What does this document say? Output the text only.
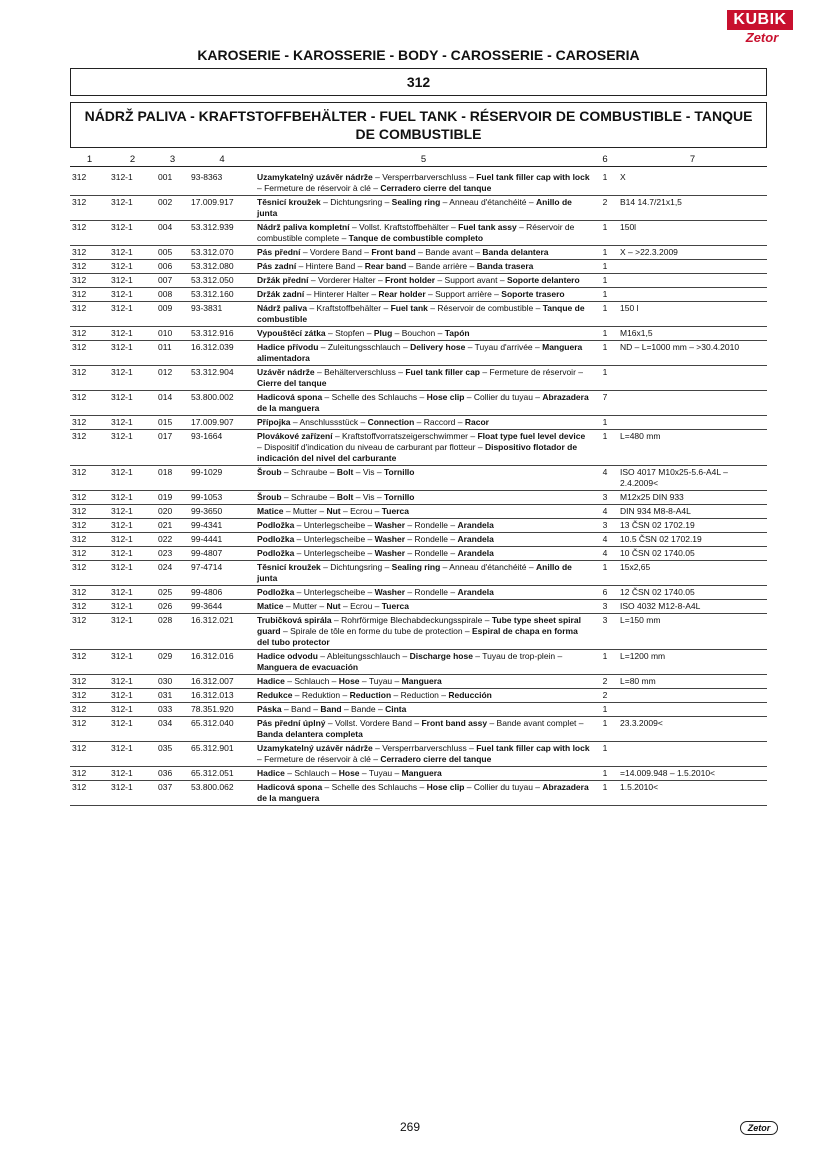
KUBIK
Zetor
KAROSERIE - KAROSSERIE - BODY - CAROSSERIE - CAROSERIA
312
NÁDRŽ PALIVA - KRAFTSTOFFBEHÄLTER - FUEL TANK - RÉSERVOIR DE COMBUSTIBLE - TANQUE DE COMBUSTIBLE
1	2	3	4	5	6	7
312	312-1	001	93-8363	Uzamykatelný uzávěr nádrže – Versperrbarverschluss – Fuel tank filler cap with lock – Fermeture de réservoir à clé – Cerradero cierre del tanque	1	X
312	312-1	002	17.009.917	Těsnicí kroužek – Dichtungsring – Sealing ring – Anneau d'étanchéité – Anillo de junta	2	B14 14.7/21x1,5
312	312-1	004	53.312.939	Nádrž paliva kompletní – Vollst. Kraftstoffbehälter – Fuel tank assy – Réservoir de combustible complete – Tanque de combustible completo	1	150l
312	312-1	005	53.312.070	Pás přední – Vordere Band – Front band – Bande avant – Banda delantera	1	X – >22.3.2009
312	312-1	006	53.312.080	Pás zadní – Hintere Band – Rear band – Bande arrière – Banda trasera	1	
312	312-1	007	53.312.050	Držák přední – Vorderer Halter – Front holder – Support avant – Soporte delantero	1	
312	312-1	008	53.312.160	Držák zadní – Hinterer Halter – Rear holder – Support arrière – Soporte trasero	1	
312	312-1	009	93-3831	Nádrž paliva – Kraftstoffbehälter – Fuel tank – Réservoir de combustible – Tanque de combustible	1	150 l
312	312-1	010	53.312.916	Vypouštěcí zátka – Stopfen – Plug – Bouchon – Tapón	1	M16x1,5
312	312-1	011	16.312.039	Hadice přívodu – Zuleitungsschlauch – Delivery hose – Tuyau d'arrivée – Manguera alimentadora	1	ND – L=1000 mm – >30.4.2010
312	312-1	012	53.312.904	Uzávěr nádrže – Behälterverschluss – Fuel tank filler cap – Fermeture de réservoir – Cierre del tanque	1	
312	312-1	014	53.800.002	Hadicová spona – Schelle des Schlauchs – Hose clip – Collier du tuyau – Abrazadera de la manguera	7	
312	312-1	015	17.009.907	Přípojka – Anschlussstück – Connection – Raccord – Racor	1	
312	312-1	017	93-1664	Plovákové zařízení – Kraftstoffvorratszeigerschwimmer – Float type fuel level device – Dispositif d'indication du niveau de carburant par flotteur – Dispositivo flotador de indicación del nivel del carburante	1	L=480 mm
312	312-1	018	99-1029	Šroub – Schraube – Bolt – Vis – Tornillo	4	ISO 4017 M10x25-5.6-A4L – 2.4.2009<
312	312-1	019	99-1053	Šroub – Schraube – Bolt – Vis – Tornillo	3	M12x25 DIN 933
312	312-1	020	99-3650	Matice – Mutter – Nut – Ecrou – Tuerca	4	DIN 934 M8-8-A4L
312	312-1	021	99-4341	Podložka – Unterlegscheibe – Washer – Rondelle – Arandela	3	13 ČSN 02 1702.19
312	312-1	022	99-4441	Podložka – Unterlegscheibe – Washer – Rondelle – Arandela	4	10.5 ČSN 02 1702.19
312	312-1	023	99-4807	Podložka – Unterlegscheibe – Washer – Rondelle – Arandela	4	10 ČSN 02 1740.05
312	312-1	024	97-4714	Těsnicí kroužek – Dichtungsring – Sealing ring – Anneau d'étanchéité – Anillo de junta	1	15x2,65
312	312-1	025	99-4806	Podložka – Unterlegscheibe – Washer – Rondelle – Arandela	6	12 ČSN 02 1740.05
312	312-1	026	99-3644	Matice – Mutter – Nut – Ecrou – Tuerca	3	ISO 4032 M12-8-A4L
312	312-1	028	16.312.021	Trubičková spirála – Rohrförmige Blechabdeckungsspirale – Tube type sheet spiral guard – Spirale de tôle en forme du tube de protection – Espiral de chapa en forma del tubo protector	3	L=150 mm
312	312-1	029	16.312.016	Hadice odvodu – Ableitungsschlauch – Discharge hose – Tuyau de trop-plein – Manguera de evacuación	1	L=1200 mm
312	312-1	030	16.312.007	Hadice – Schlauch – Hose – Tuyau – Manguera	2	L=80 mm
312	312-1	031	16.312.013	Redukce – Reduktion – Reduction – Reduction – Reducción	2	
312	312-1	033	78.351.920	Páska – Band – Band – Bande – Cinta	1	
312	312-1	034	65.312.040	Pás přední úplný – Vollst. Vordere Band – Front band assy – Bande avant complet – Banda delantera completa	1	23.3.2009<
312	312-1	035	65.312.901	Uzamykatelný uzávěr nádrže – Versperrbarverschluss – Fuel tank filler cap with lock – Fermeture de réservoir à clé – Cerradero cierre del tanque	1	
312	312-1	036	65.312.051	Hadice – Schlauch – Hose – Tuyau – Manguera	1	=14.009.948 – 1.5.2010<
312	312-1	037	53.800.062	Hadicová spona – Schelle des Schlauchs – Hose clip – Collier du tuyau – Abrazadera de la manguera	1	1.5.2010<
269	Zetor
